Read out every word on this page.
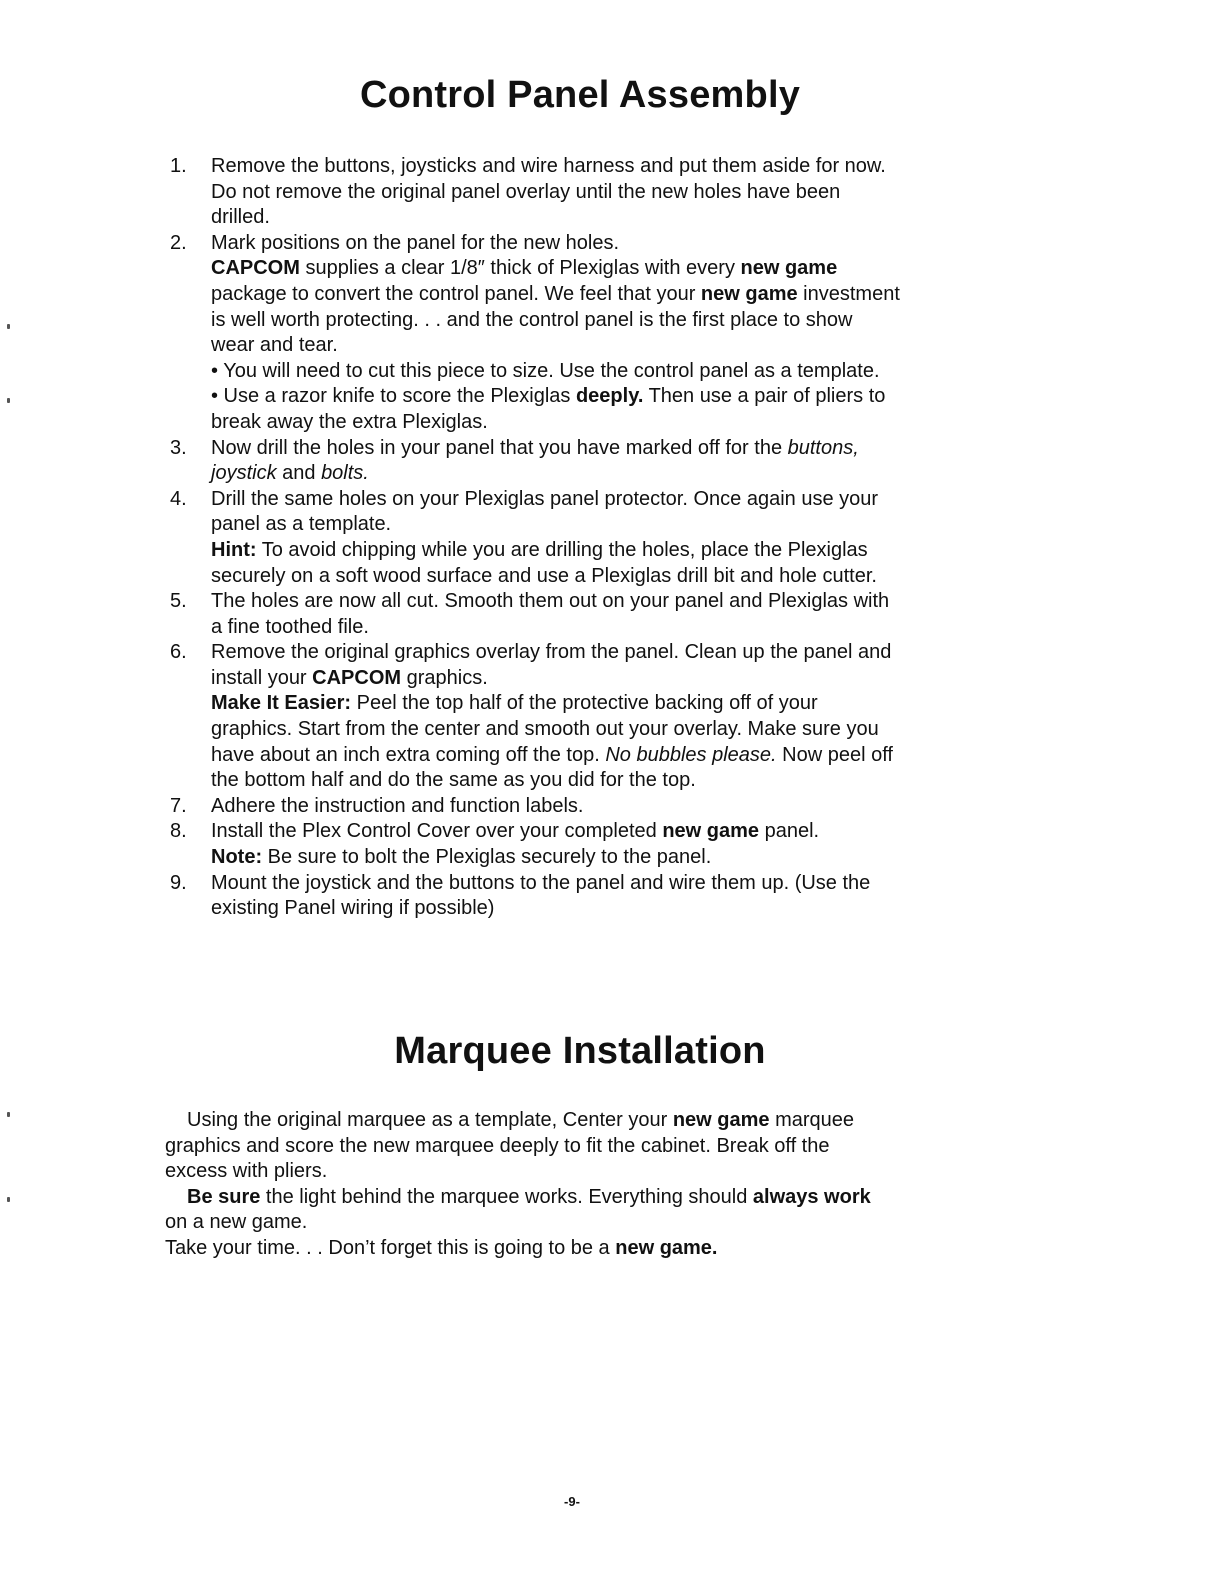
Control Panel Assembly
1. Remove the buttons, joysticks and wire harness and put them aside for now.
Do not remove the original panel overlay until the new holes have been
drilled.
2. Mark positions on the panel for the new holes.
CAPCOM supplies a clear 1/8″ thick of Plexiglas with every new game
package to convert the control panel. We feel that your new game investment
is well worth protecting. . . and the control panel is the first place to show
wear and tear.
• You will need to cut this piece to size. Use the control panel as a template.
• Use a razor knife to score the Plexiglas deeply. Then use a pair of pliers to
break away the extra Plexiglas.
3. Now drill the holes in your panel that you have marked off for the buttons,
joystick and bolts.
4. Drill the same holes on your Plexiglas panel protector. Once again use your
panel as a template.
Hint: To avoid chipping while you are drilling the holes, place the Plexiglas
securely on a soft wood surface and use a Plexiglas drill bit and hole cutter.
5. The holes are now all cut. Smooth them out on your panel and Plexiglas with
a fine toothed file.
6. Remove the original graphics overlay from the panel. Clean up the panel and
install your CAPCOM graphics.
Make It Easier: Peel the top half of the protective backing off of your
graphics. Start from the center and smooth out your overlay. Make sure you
have about an inch extra coming off the top. No bubbles please. Now peel off
the bottom half and do the same as you did for the top.
7. Adhere the instruction and function labels.
8. Install the Plex Control Cover over your completed new game panel.
Note: Be sure to bolt the Plexiglas securely to the panel.
9. Mount the joystick and the buttons to the panel and wire them up. (Use the
existing Panel wiring if possible)
Marquee Installation
Using the original marquee as a template, Center your new game marquee
graphics and score the new marquee deeply to fit the cabinet. Break off the
excess with pliers.
Be sure the light behind the marquee works. Everything should always work
on a new game.
Take your time. . . Don’t forget this is going to be a new game.
-9-
